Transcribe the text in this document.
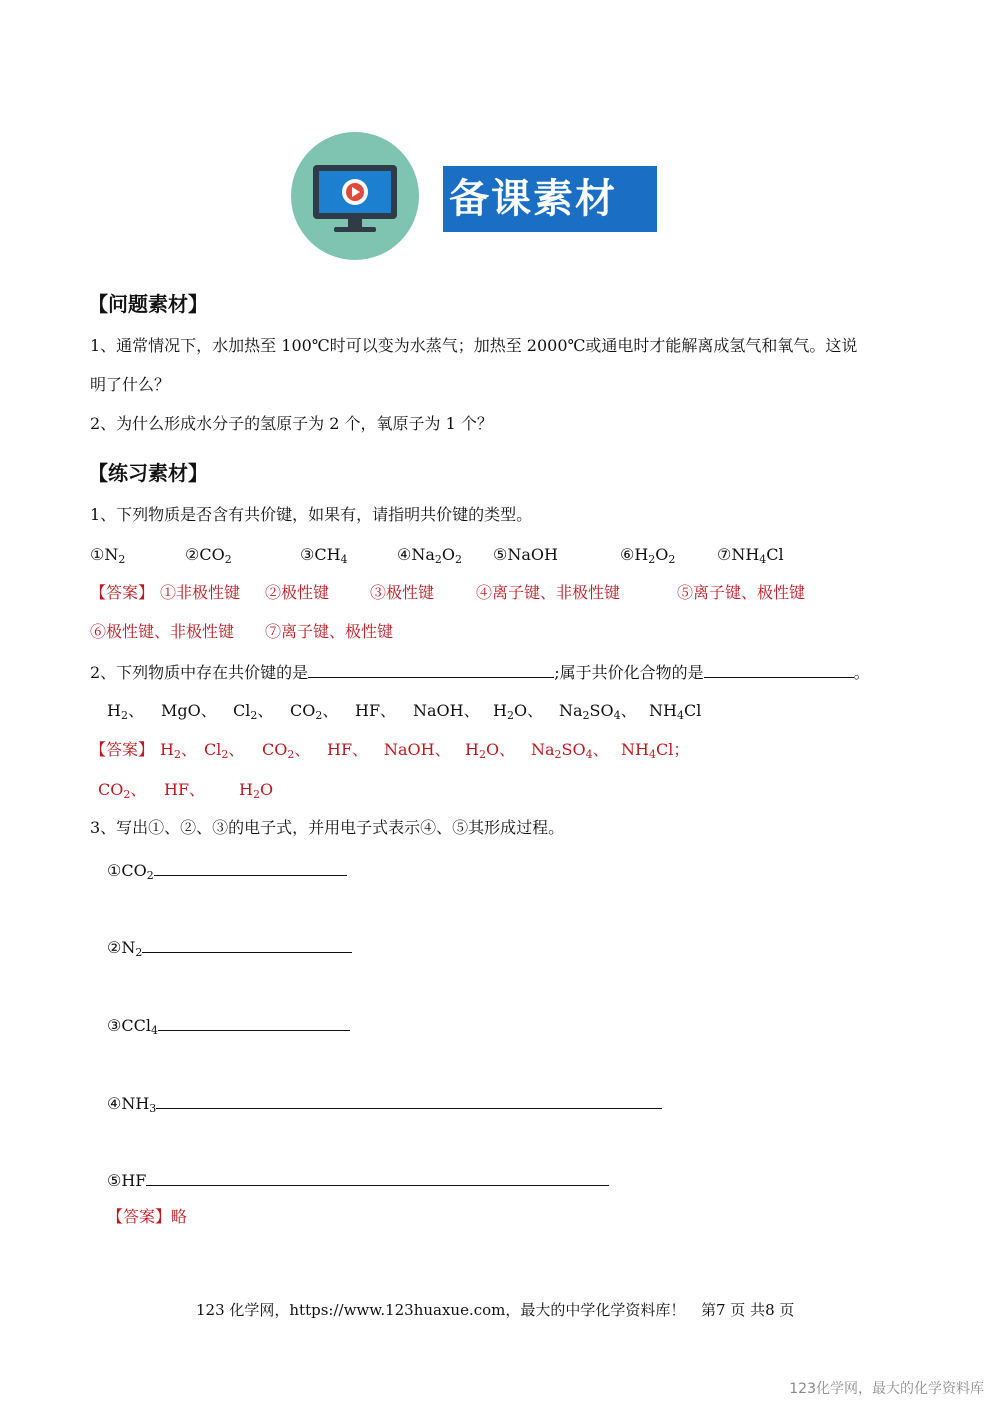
备课素材
【问题素材】
1、通常情况下，水加热至 100℃时可以变为水蒸气；加热至 2000℃或通电时才能解离成氢气和氧气。这说
明了什么？
2、为什么形成水分子的氢原子为 2 个，氧原子为 1 个？
【练习素材】
1、下列物质是否含有共价键，如果有，请指明共价键的类型。
$①N_2$	$②CO_2$	$③CH_4$	$④Na_2O_2$ ⑤NaOH	$⑥H_2O_2$	$⑦NH_4Cl$
【答案】 ①非极性键 ②极性键	③极性键	④离子键、非极性键	⑤离子键、极性键
⑥极性键、非极性键 ⑦离子键、极性键
2、下列物质中存在共价键的是	;属于共价化合物的是	。
$H_2$、 MgO、 $Cl_2$、 $CO_2$、 HF、 NaOH、 $H_2O$、 $Na_2SO_4$、 $NH_4Cl$
【答案】 $H_2$、 $Cl_2$、 $CO_2$、 HF、 NaOH、 $H_2O$、 $Na_2SO_4$、 $NH_4Cl$；
$CO_2$、 HF、 $H_2O$
3、写出①、②、③的电子式，并用电子式表示④、⑤其形成过程。
$①CO_2$
$②N_2$
③CCl$_4$
$④NH_3$
⑤HF
【答案】略
123 化学网，https://www.123huaxue.com，最大的中学化学资料库！ 第7 页 共8 页
123化学网，最大的化学资料库
